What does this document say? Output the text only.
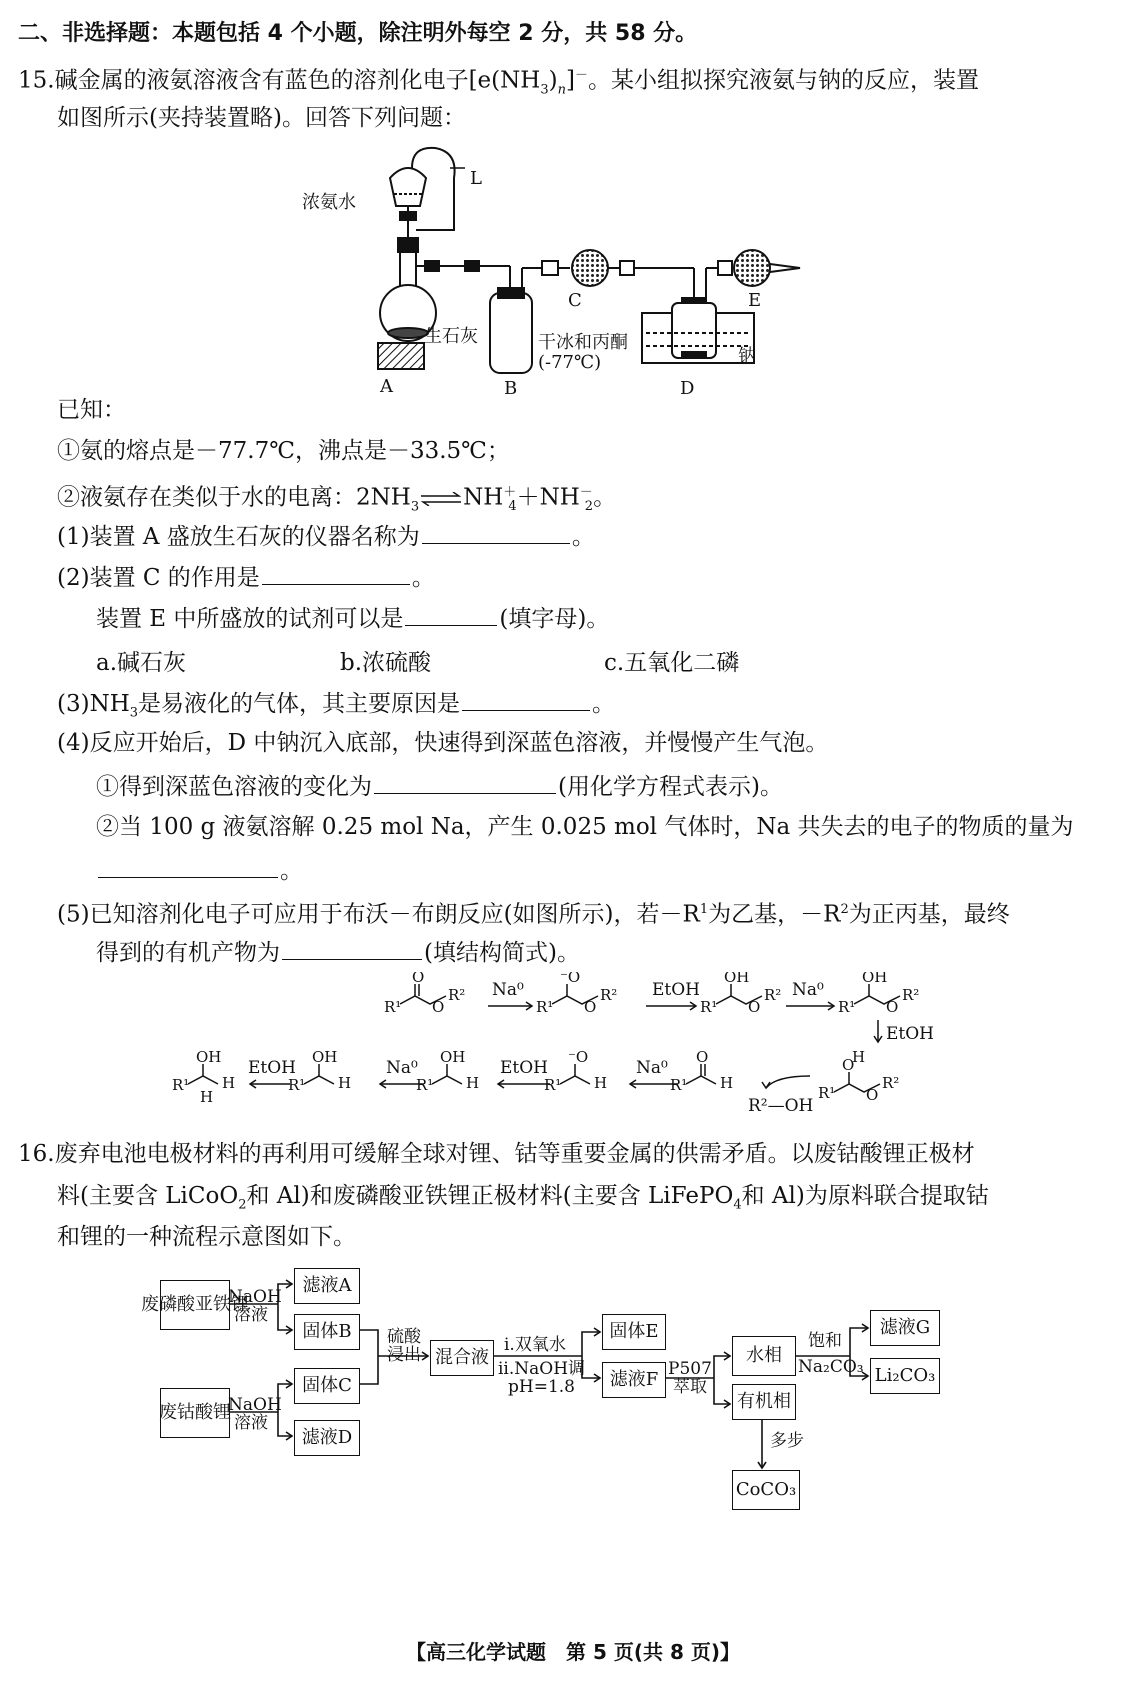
二、非选择题：本题包括 4 个小题，除注明外每空 2 分，共 58 分。
15.碱金属的液氨溶液含有蓝色的溶剂化电子$[e(NH_3)_n]^-$。某小组拟探究液氨与钠的反应，装置
如图所示(夹持装置略)。回答下列问题：
浓氨水
L
生石灰
A	B
C
干冰和丙酮
(-77℃)
D
E
钠
已知：
①氨的熔点是－77.7℃，沸点是－33.5℃；
②液氨存在类似于水的电离：$2NH_3\rightleftharpoons NH^+_4+NH^-_2$。
(1)装置 A 盛放生石灰的仪器名称为	。
(2)装置 C 的作用是	。
装置 E 中所盛放的试剂可以是	(填字母)。
a.碱石灰	b.浓硫酸	c.五氧化二磷
$(3)NH_3$是易液化的气体，其主要原因是	。
(4)反应开始后，D 中钠沉入底部，快速得到深蓝色溶液，并慢慢产生气泡。
①得到深蓝色溶液的变化为	(用化学方程式表示)。
②当 100 g 液氨溶解 0.25 mol Na，产生 0.025 mol 气体时，Na 共失去的电子的物质的量为
。
(5)已知溶剂化电子可应用于布沃－布朗反应(如图所示)，若$-R^1$为乙基，$-R^2$为正丙基，最终
得到的有机产物为	(填结构简式)。
R¹
O
O
R²
R¹
⁻O
O
R²
R¹
OH
O
R²
R¹
OH
O
R²
R¹
OH
H
H
R¹
OH
H	R¹
OH
H	R¹
⁻O
H	R¹
O
H
R¹
O
H
O
R²
Na⁰	EtOH	Na⁰
EtOH
EtOH	Na⁰	EtOH	Na⁰
R²—OH
16.废弃电池电极材料的再利用可缓解全球对锂、钴等重要金属的供需矛盾。以废钴酸锂正极材
料(主要含 LiCoO$_2$和 Al)和废磷酸亚铁锂正极材料(主要含 LiFePO$_4$和 Al)为原料联合提取钴
和锂的一种流程示意图如下。
废磷酸亚铁锂
NaOH溶液
滤液A
固体B
废钴酸锂
NaOH溶液
固体C
滤液D
硫酸浸出 混合液
i.双氧水
ii.NaOH调
pH=1.8
固体E
滤液F P507萃取
水相
有机相
饱和
Na₂CO₃
滤液G
Li₂CO₃
多步
CoCO₃
【高三化学试题　第 5 页(共 8 页)】
